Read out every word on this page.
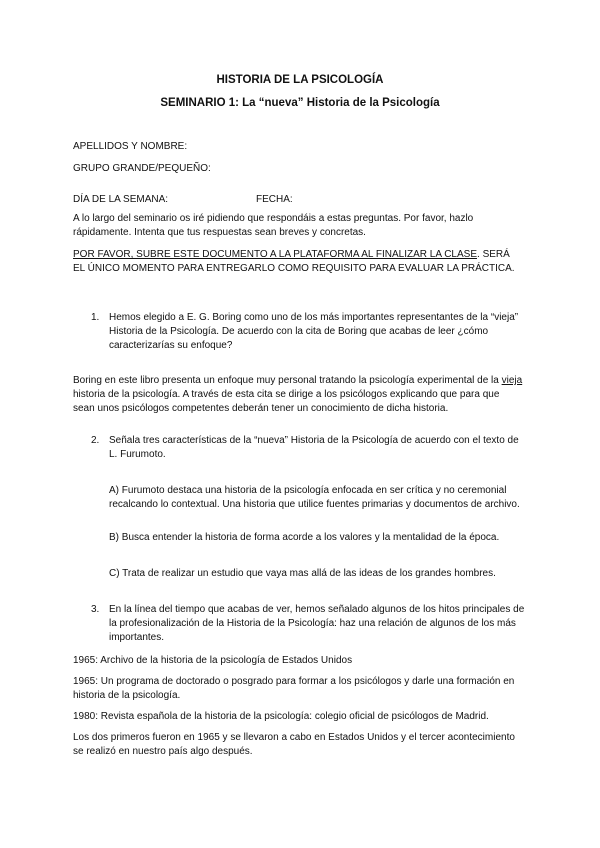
HISTORIA DE LA PSICOLOGÍA
SEMINARIO 1: La “nueva” Historia de la Psicología
APELLIDOS Y NOMBRE:
GRUPO GRANDE/PEQUEÑO:
DÍA DE LA SEMANA:	FECHA:
A lo largo del seminario os iré pidiendo que respondáis a estas preguntas. Por favor, hazlo
rápidamente. Intenta que tus respuestas sean breves y concretas.
POR FAVOR, SUBRE ESTE DOCUMENTO A LA PLATAFORMA AL FINALIZAR LA CLASE. SERÁ
EL ÚNICO MOMENTO PARA ENTREGARLO COMO REQUISITO PARA EVALUAR LA PRÁCTICA.
1. Hemos elegido a E. G. Boring como uno de los más importantes representantes de la “vieja”
Historia de la Psicología. De acuerdo con la cita de Boring que acabas de leer ¿cómo
caracterizarías su enfoque?
Boring en este libro presenta un enfoque muy personal tratando la psicología experimental de la vieja
historia de la psicología. A través de esta cita se dirige a los psicólogos explicando que para que
sean unos psicólogos competentes deberán tener un conocimiento de dicha historia.
2. Señala tres características de la “nueva” Historia de la Psicología de acuerdo con el texto de
L. Furumoto.
A) Furumoto destaca una historia de la psicología enfocada en ser crítica y no ceremonial
recalcando lo contextual. Una historia que utilice fuentes primarias y documentos de archivo.
B) Busca entender la historia de forma acorde a los valores y la mentalidad de la época.
C) Trata de realizar un estudio que vaya mas allá de las ideas de los grandes hombres.
3. En la línea del tiempo que acabas de ver, hemos señalado algunos de los hitos principales de
la profesionalización de la Historia de la Psicología: haz una relación de algunos de los más
importantes.
1965: Archivo de la historia de la psicología de Estados Unidos
1965: Un programa de doctorado o posgrado para formar a los psicólogos y darle una formación en
historia de la psicología.
1980: Revista española de la historia de la psicología: colegio oficial de psicólogos de Madrid.
Los dos primeros fueron en 1965 y se llevaron a cabo en Estados Unidos y el tercer acontecimiento
se realizó en nuestro país algo después.
